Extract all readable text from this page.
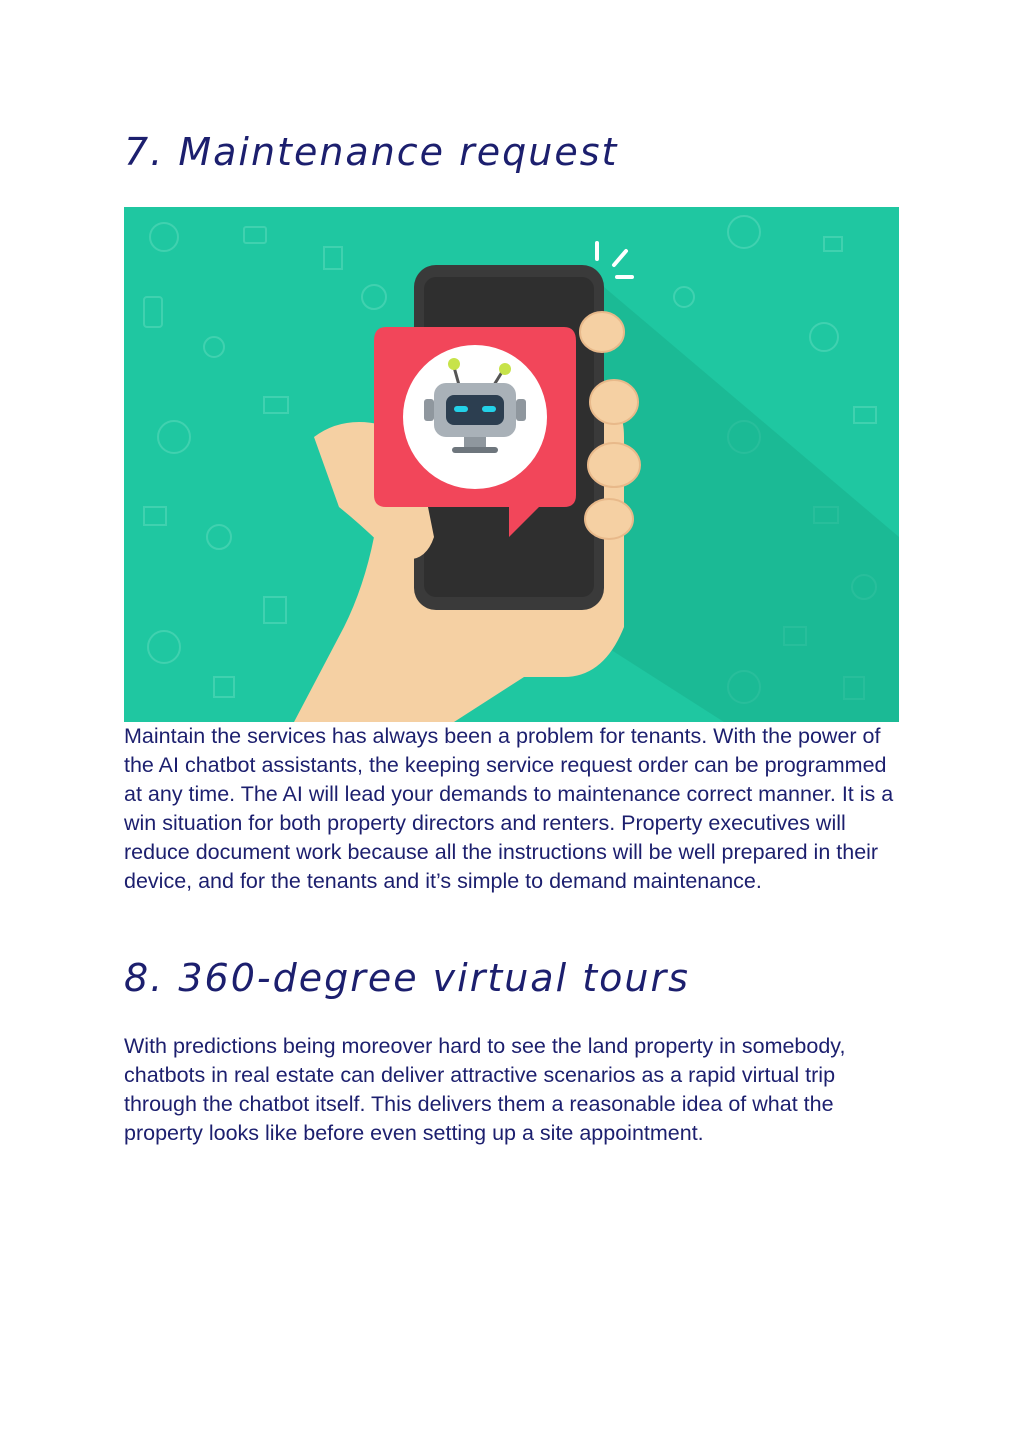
7. Maintenance request

Maintain the services has always been a problem for tenants. With the power of the AI chatbot assistants, the keeping service request order can be programmed at any time. The AI will lead your demands to maintenance correct manner. It is a win situation for both property directors and renters. Property executives will reduce document work because all the instructions will be well prepared in their device, and for the tenants and it’s simple to demand maintenance.

8. 360-degree virtual tours

With predictions being moreover hard to see the land property in somebody, chatbots in real estate can deliver attractive scenarios as a rapid virtual trip through the chatbot itself. This delivers them a reasonable idea of what the property looks like before even setting up a site appointment.
